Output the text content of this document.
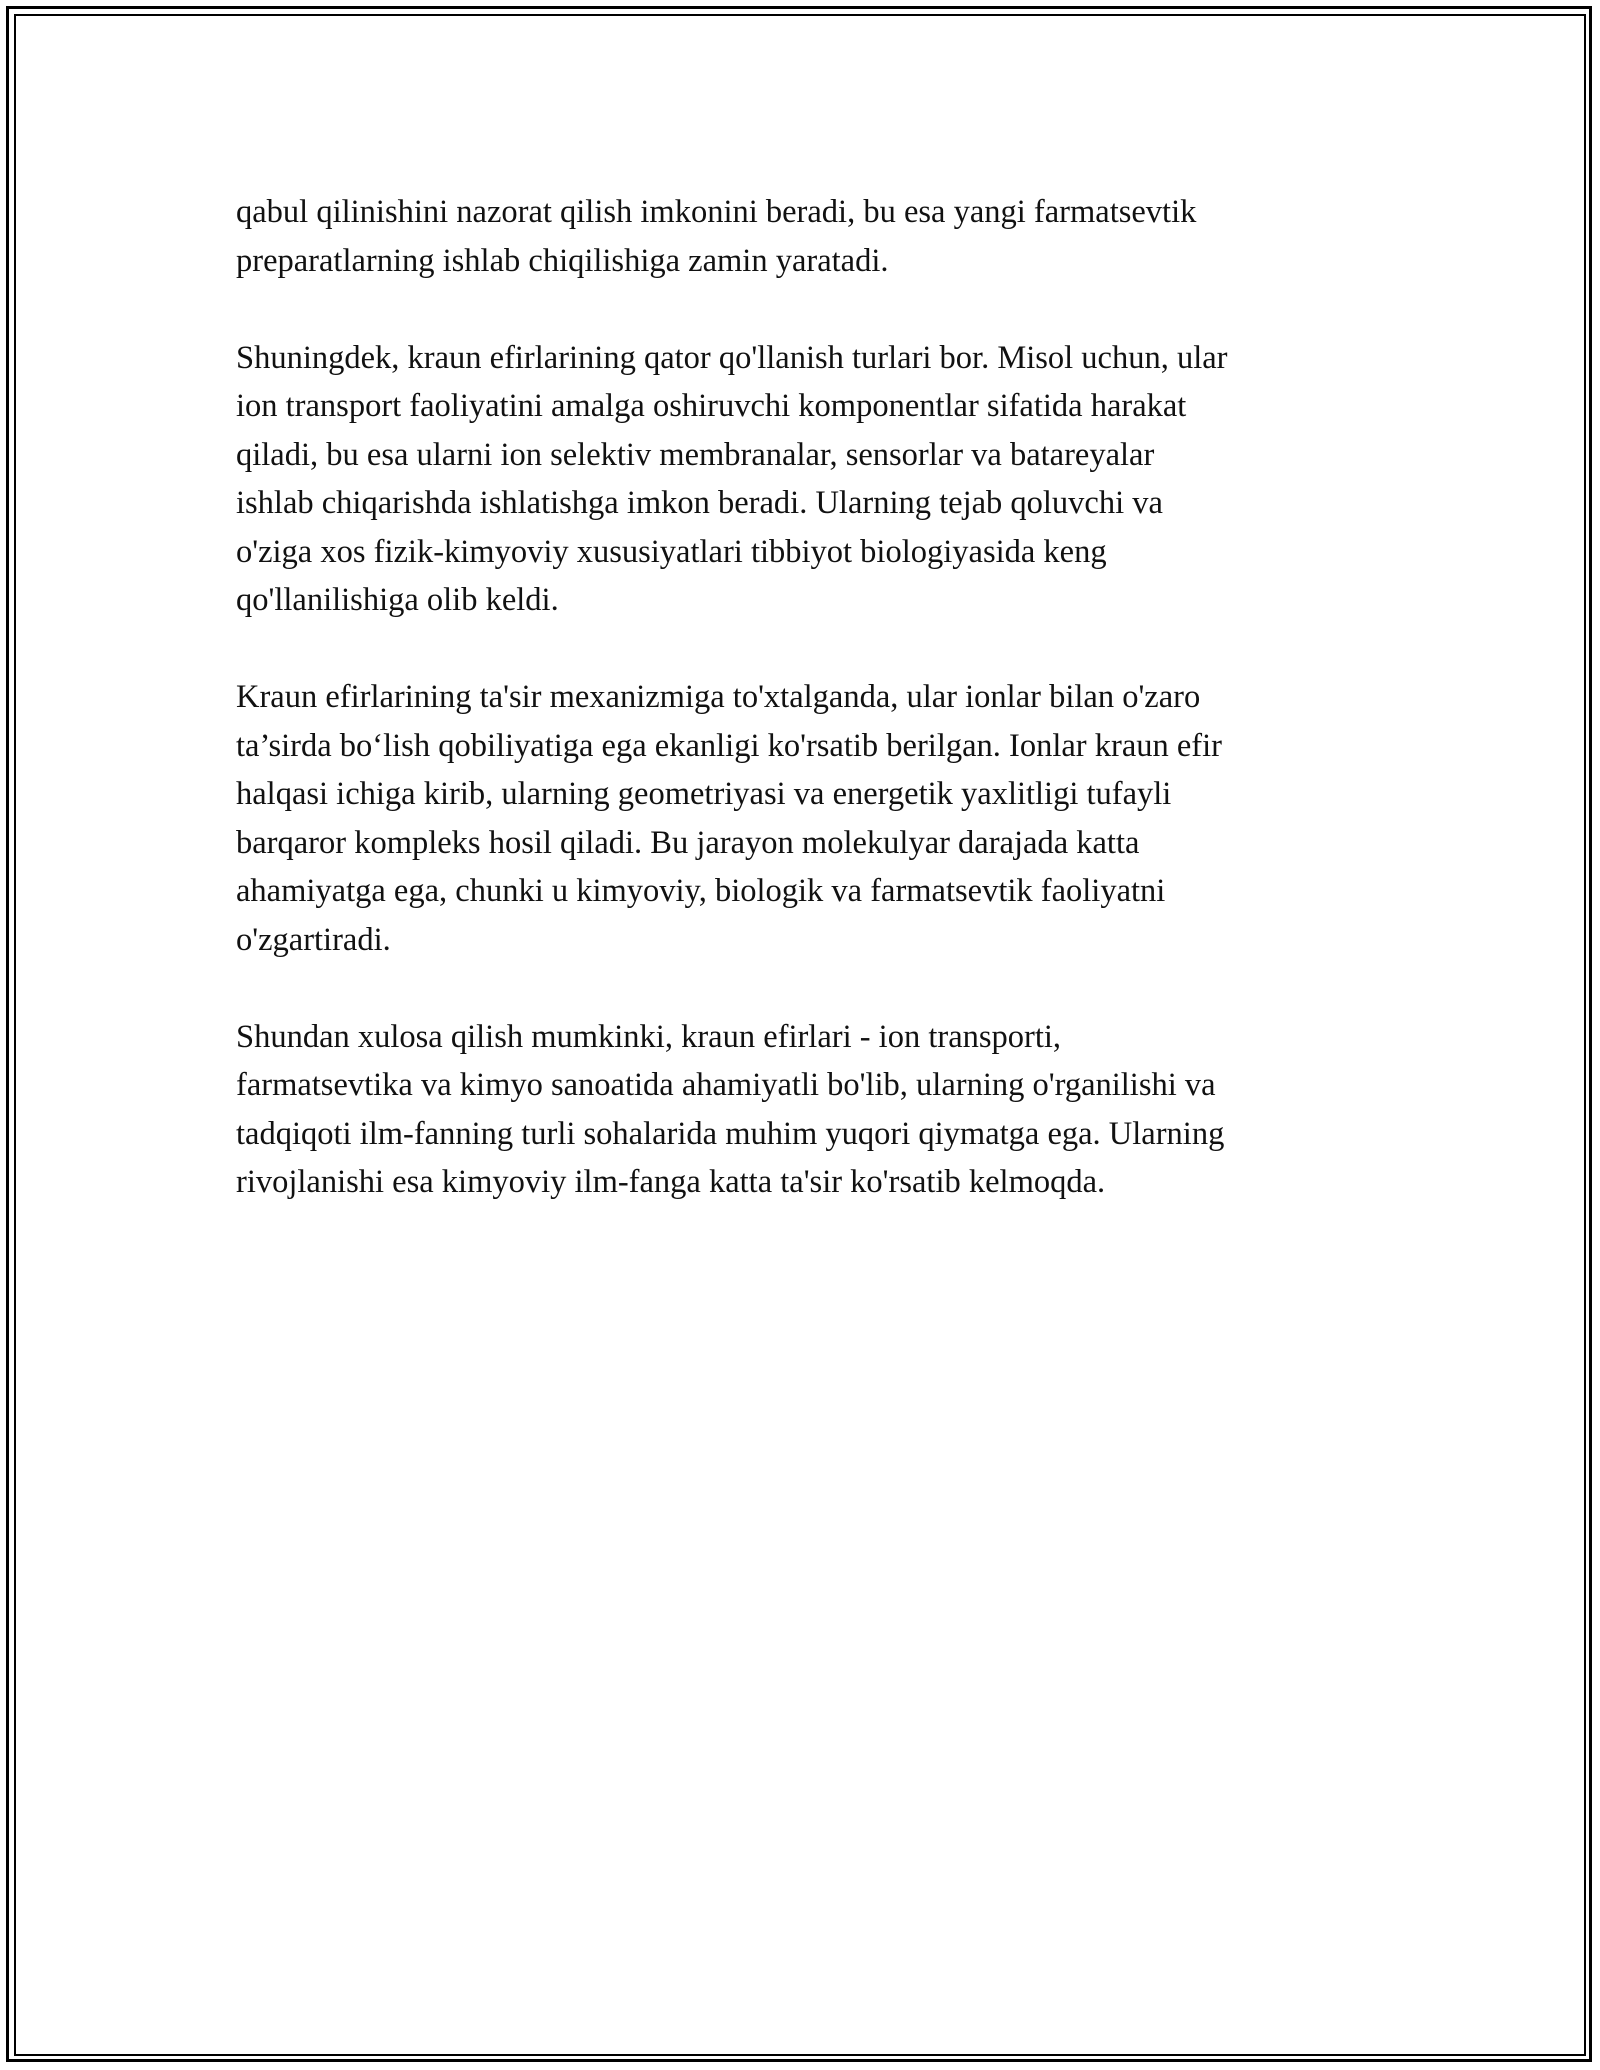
qabul qilinishini nazorat qilish imkonini beradi, bu esa yangi farmatsevtik
preparatlarning ishlab chiqilishiga zamin yaratadi.

Shuningdek, kraun efirlarining qator qo'llanish turlari bor. Misol uchun, ular
ion transport faoliyatini amalga oshiruvchi komponentlar sifatida harakat
qiladi, bu esa ularni ion selektiv membranalar, sensorlar va batareyalar
ishlab chiqarishda ishlatishga imkon beradi. Ularning tejab qoluvchi va
o'ziga xos fizik-kimyoviy xususiyatlari tibbiyot biologiyasida keng
qo'llanilishiga olib keldi.

Kraun efirlarining ta'sir mexanizmiga to'xtalganda, ular ionlar bilan o'zaro
ta’sirda bo‘lish qobiliyatiga ega ekanligi ko'rsatib berilgan. Ionlar kraun efir
halqasi ichiga kirib, ularning geometriyasi va energetik yaxlitligi tufayli
barqaror kompleks hosil qiladi. Bu jarayon molekulyar darajada katta
ahamiyatga ega, chunki u kimyoviy, biologik va farmatsevtik faoliyatni
o'zgartiradi.

Shundan xulosa qilish mumkinki, kraun efirlari - ion transporti,
farmatsevtika va kimyo sanoatida ahamiyatli bo'lib, ularning o'rganilishi va
tadqiqoti ilm-fanning turli sohalarida muhim yuqori qiymatga ega. Ularning
rivojlanishi esa kimyoviy ilm-fanga katta ta'sir ko'rsatib kelmoqda.
